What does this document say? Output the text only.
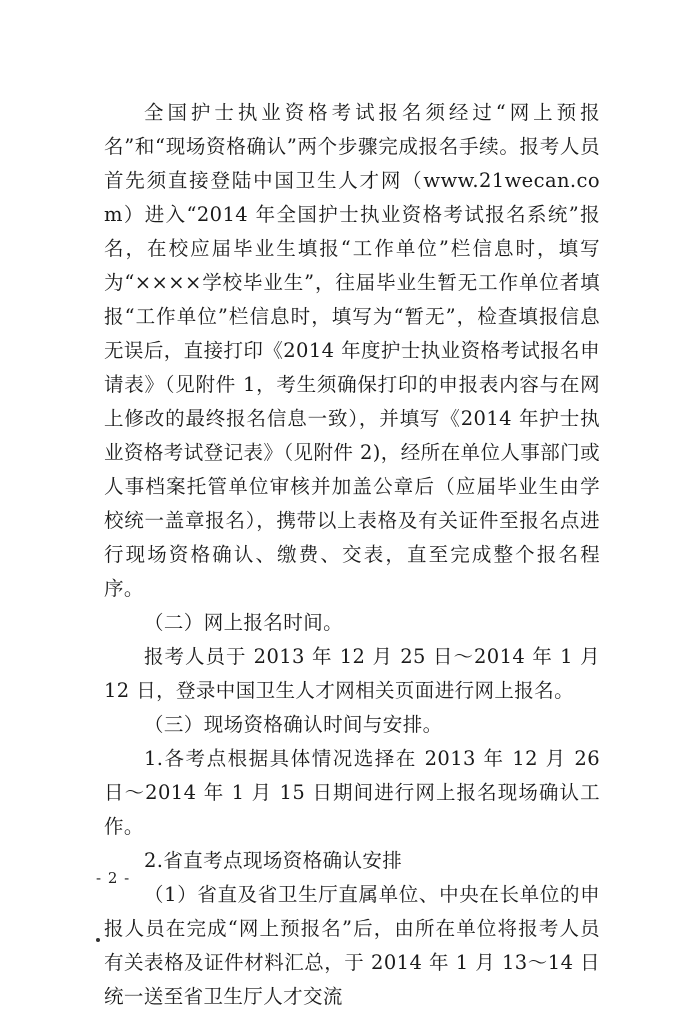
全国护士执业资格考试报名须经过“网上预报名”和“现场资格确认”两个步骤完成报名手续。报考人员首先须直接登陆中国卫生人才网（www.21wecan.com）进入“2014 年全国护士执业资格考试报名系统”报名，在校应届毕业生填报“工作单位”栏信息时，填写为“××××学校毕业生”，往届毕业生暂无工作单位者填报“工作单位”栏信息时，填写为“暂无”，检查填报信息无误后，直接打印《2014 年度护士执业资格考试报名申请表》（见附件 1，考生须确保打印的申报表内容与在网上修改的最终报名信息一致），并填写《2014 年护士执业资格考试登记表》（见附件 2)，经所在单位人事部门或人事档案托管单位审核并加盖公章后（应届毕业生由学校统一盖章报名），携带以上表格及有关证件至报名点进行现场资格确认、缴费、交表，直至完成整个报名程序。

（二）网上报名时间。

报考人员于 2013 年 12 月 25 日～2014 年 1 月 12 日，登录中国卫生人才网相关页面进行网上报名。

（三）现场资格确认时间与安排。

1.各考点根据具体情况选择在 2013 年 12 月 26 日～2014 年 1 月 15 日期间进行网上报名现场确认工作。

2.省直考点现场资格确认安排

（1）省直及省卫生厅直属单位、中央在长单位的申报人员在完成“网上预报名”后，由所在单位将报考人员有关表格及证件材料汇总，于 2014 年 1 月 13～14 日统一送至省卫生厅人才交流

- 2 -
